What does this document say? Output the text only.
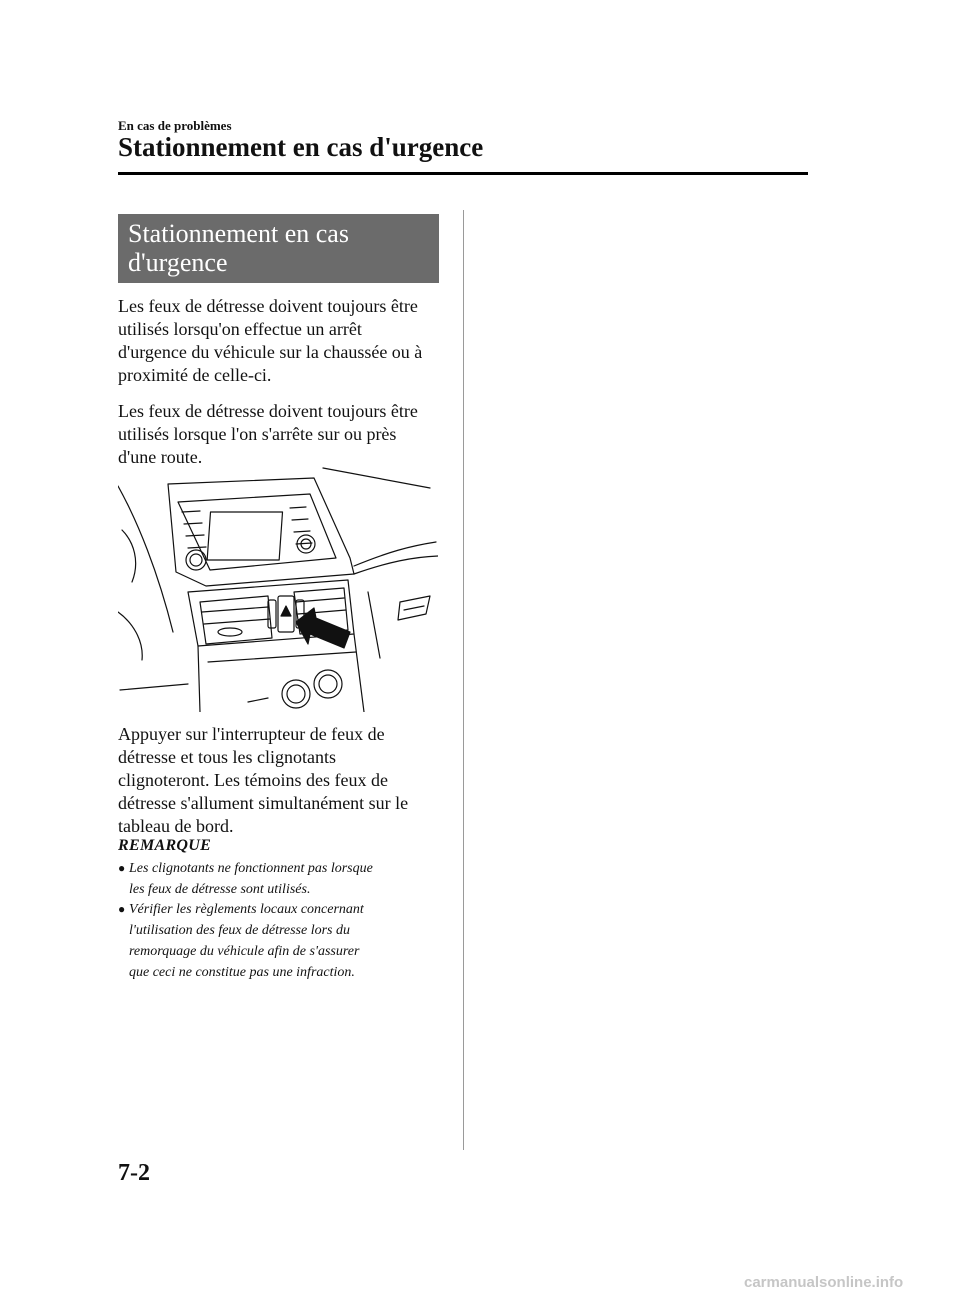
En cas de problèmes
Stationnement en cas d'urgence
Stationnement en cas
d'urgence
Les feux de détresse doivent toujours être
utilisés lorsqu'on effectue un arrêt
d'urgence du véhicule sur la chaussée ou à
proximité de celle-ci.
Les feux de détresse doivent toujours être
utilisés lorsque l'on s'arrête sur ou près
d'une route.
Appuyer sur l'interrupteur de feux de
détresse et tous les clignotants
clignoteront. Les témoins des feux de
détresse s'allument simultanément sur le
tableau de bord.
REMARQUE
● Les clignotants ne fonctionnent pas lorsque
les feux de détresse sont utilisés.
● Vérifier les règlements locaux concernant
l'utilisation des feux de détresse lors du
remorquage du véhicule afin de s'assurer
que ceci ne constitue pas une infraction.
7-2
carmanualsonline.info
